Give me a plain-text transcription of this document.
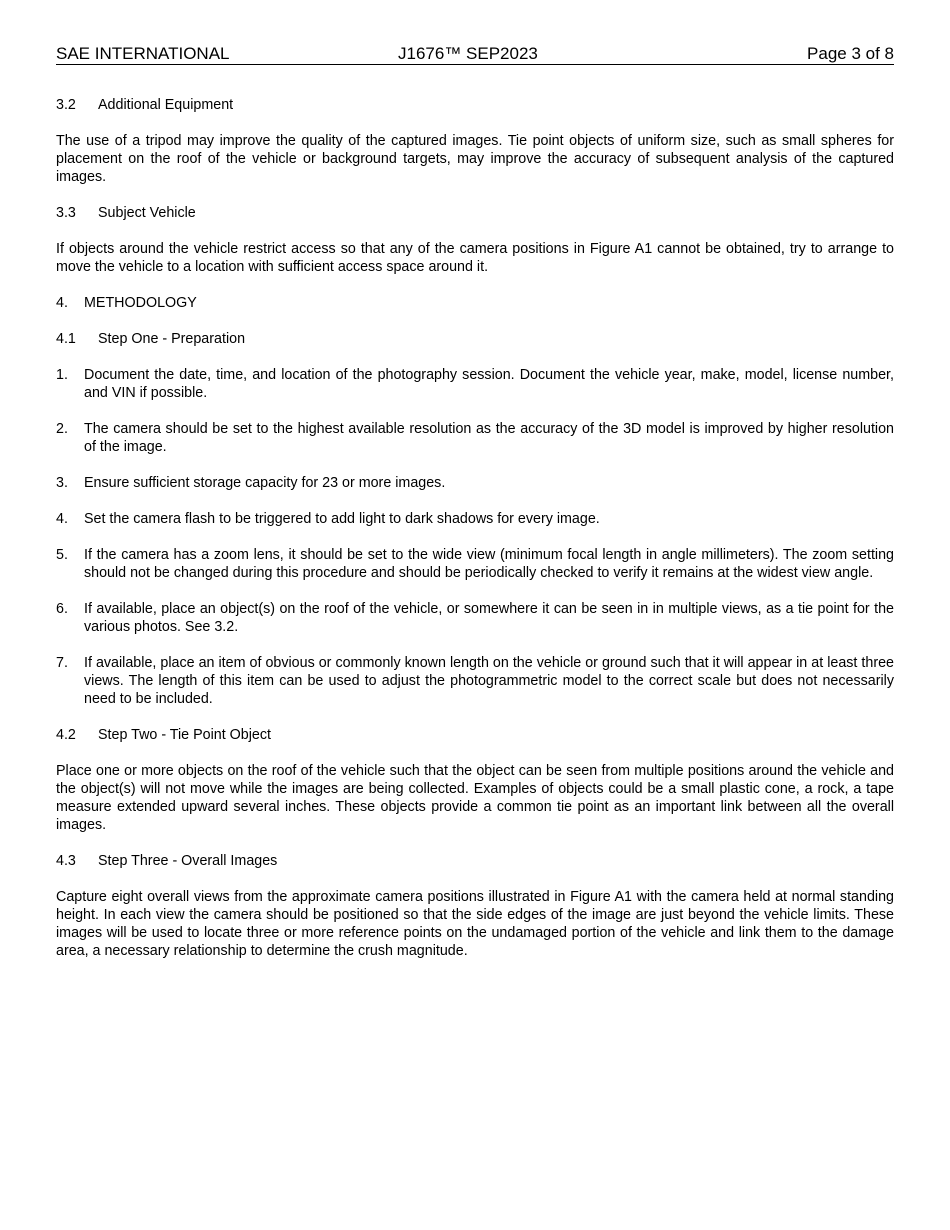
SAE INTERNATIONAL	J1676™ SEP2023	Page 3 of 8

3.2 Additional Equipment

The use of a tripod may improve the quality of the captured images. Tie point objects of uniform size, such as small spheres for placement on the roof of the vehicle or background targets, may improve the accuracy of subsequent analysis of the captured images.

3.3 Subject Vehicle

If objects around the vehicle restrict access so that any of the camera positions in Figure A1 cannot be obtained, try to arrange to move the vehicle to a location with sufficient access space around it.

4. METHODOLOGY

4.1 Step One - Preparation

1. Document the date, time, and location of the photography session. Document the vehicle year, make, model, license number, and VIN if possible.

2. The camera should be set to the highest available resolution as the accuracy of the 3D model is improved by higher resolution of the image.

3. Ensure sufficient storage capacity for 23 or more images.

4. Set the camera flash to be triggered to add light to dark shadows for every image.

5. If the camera has a zoom lens, it should be set to the wide view (minimum focal length in angle millimeters). The zoom setting should not be changed during this procedure and should be periodically checked to verify it remains at the widest view angle.

6. If available, place an object(s) on the roof of the vehicle, or somewhere it can be seen in in multiple views, as a tie point for the various photos. See 3.2.

7. If available, place an item of obvious or commonly known length on the vehicle or ground such that it will appear in at least three views. The length of this item can be used to adjust the photogrammetric model to the correct scale but does not necessarily need to be included.

4.2 Step Two - Tie Point Object

Place one or more objects on the roof of the vehicle such that the object can be seen from multiple positions around the vehicle and the object(s) will not move while the images are being collected. Examples of objects could be a small plastic cone, a rock, a tape measure extended upward several inches. These objects provide a common tie point as an important link between all the overall images.

4.3 Step Three - Overall Images

Capture eight overall views from the approximate camera positions illustrated in Figure A1 with the camera held at normal standing height. In each view the camera should be positioned so that the side edges of the image are just beyond the vehicle limits. These images will be used to locate three or more reference points on the undamaged portion of the vehicle and link them to the damage area, a necessary relationship to determine the crush magnitude.
